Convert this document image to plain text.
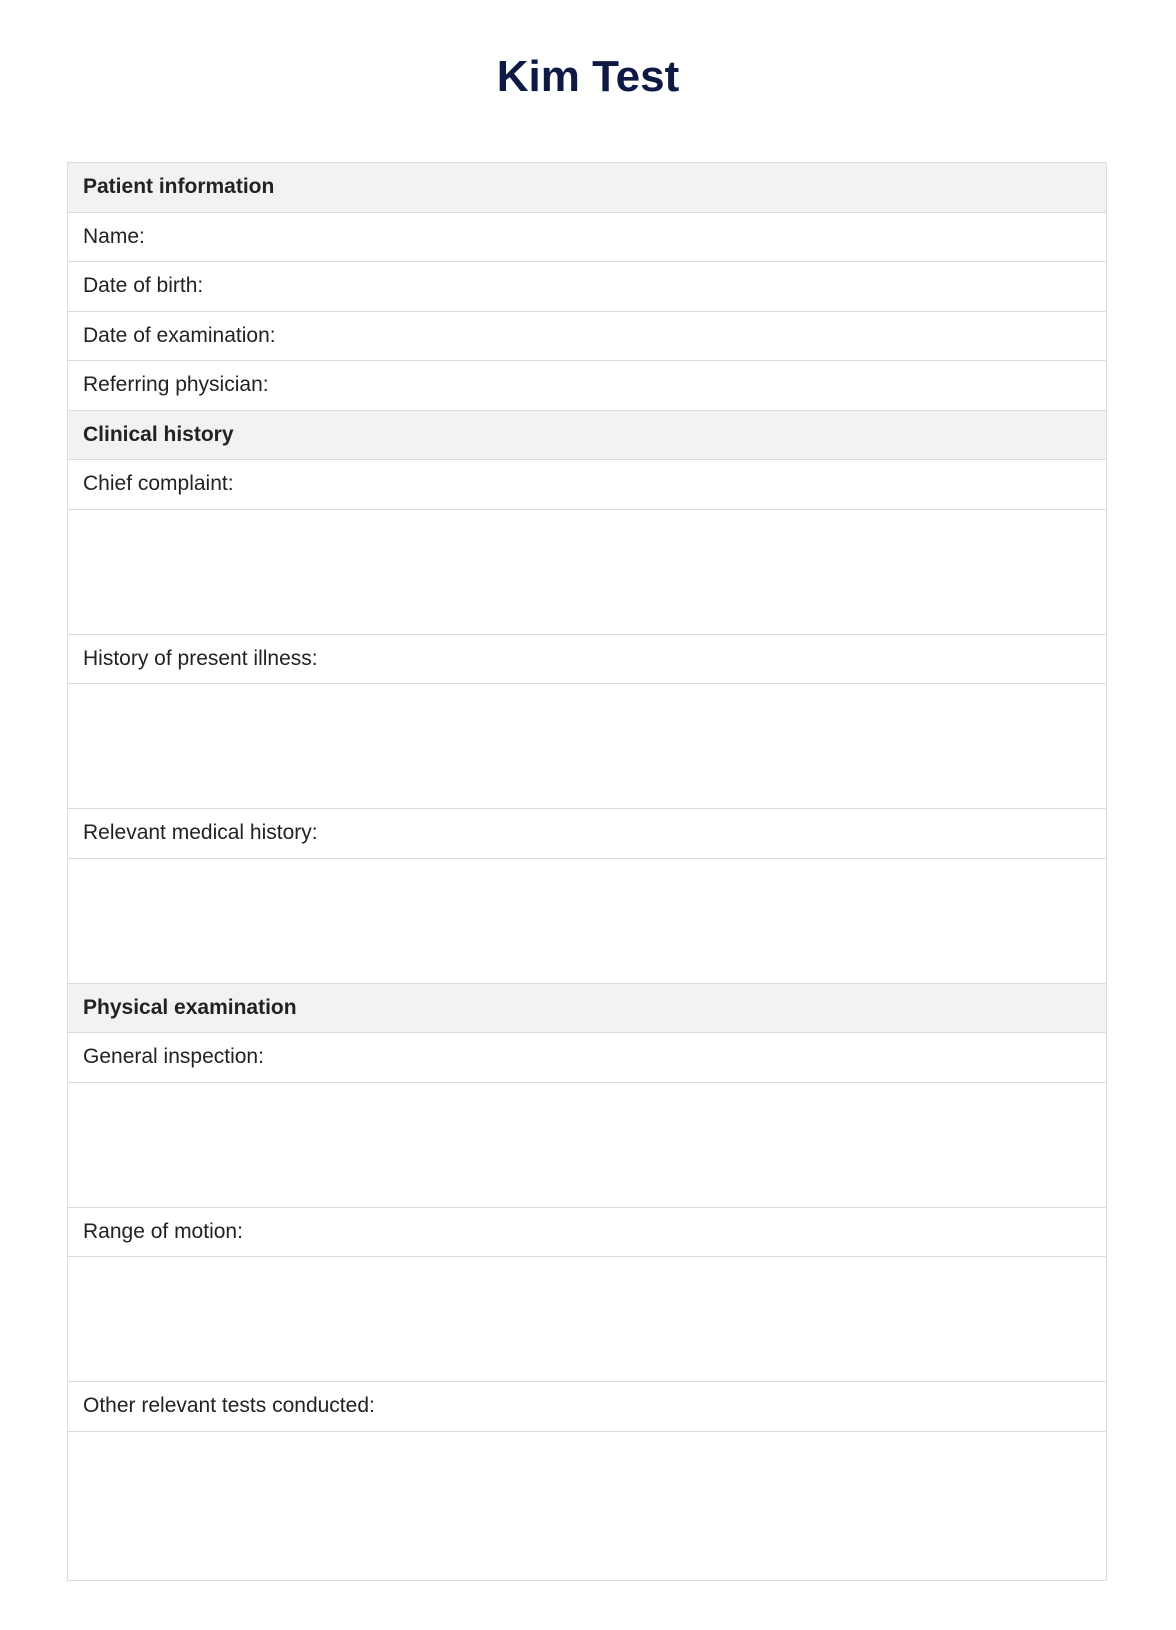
Kim Test
Patient information
Name:
Date of birth:
Date of examination:
Referring physician:
Clinical history
Chief complaint:
History of present illness:
Relevant medical history:
Physical examination
General inspection:
Range of motion:
Other relevant tests conducted:
